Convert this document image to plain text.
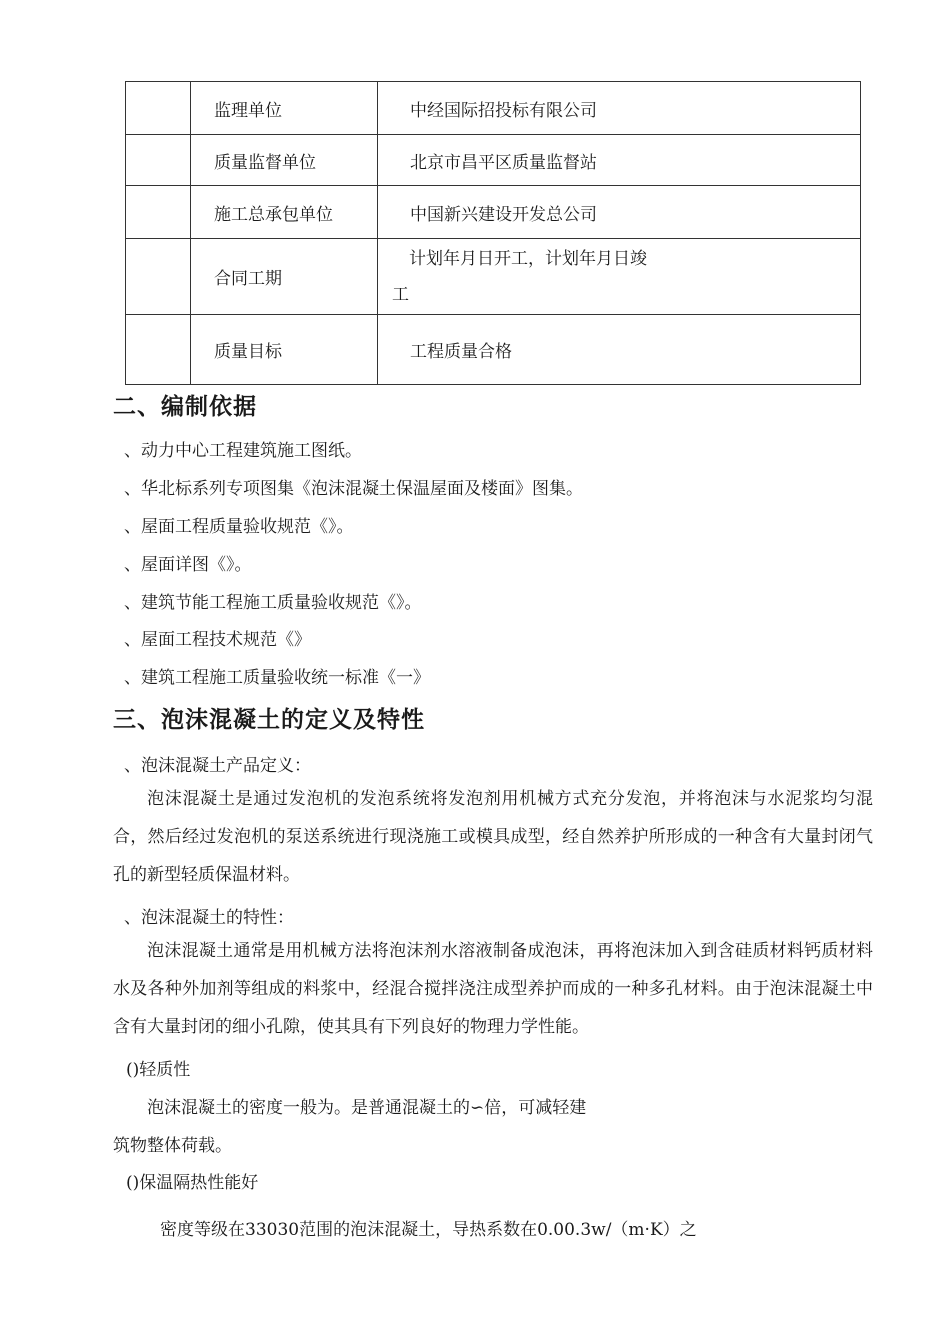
	监理单位	中经国际招投标有限公司
	质量监督单位	北京市昌平区质量监督站
	施工总承包单位	中国新兴建设开发总公司
	合同工期	计划年月日开工，计划年月日竣
工

	质量目标	工程质量合格
二、编制依据
、动力中心工程建筑施工图纸。
、华北标系列专项图集《泡沫混凝土保温屋面及楼面》图集。
、屋面工程质量验收规范《》。
、屋面详图《》。
、建筑节能工程施工质量验收规范《》。
、屋面工程技术规范《》
、建筑工程施工质量验收统一标准《一》
三、泡沫混凝土的定义及特性
、泡沫混凝土产品定义：
泡沫混凝土是通过发泡机的发泡系统将发泡剂用机械方式充分发泡，并将泡沫与水泥浆均匀混合，然后经过发泡机的泵送系统进行现浇施工或模具成型，经自然养护所形成的一种含有大量封闭气孔的新型轻质保温材料。
、泡沫混凝土的特性：
泡沫混凝土通常是用机械方法将泡沫剂水溶液制备成泡沫，再将泡沫加入到含硅质材料钙质材料水及各种外加剂等组成的料浆中，经混合搅拌浇注成型养护而成的一种多孔材料。由于泡沫混凝土中含有大量封闭的细小孔隙，使其具有下列良好的物理力学性能。
()轻质性
泡沫混凝土的密度一般为。是普通混凝土的∽倍，可减轻建
筑物整体荷载。
()保温隔热性能好
密度等级在33030范围的泡沫混凝土，导热系数在0.00.3w/（m·K）之
